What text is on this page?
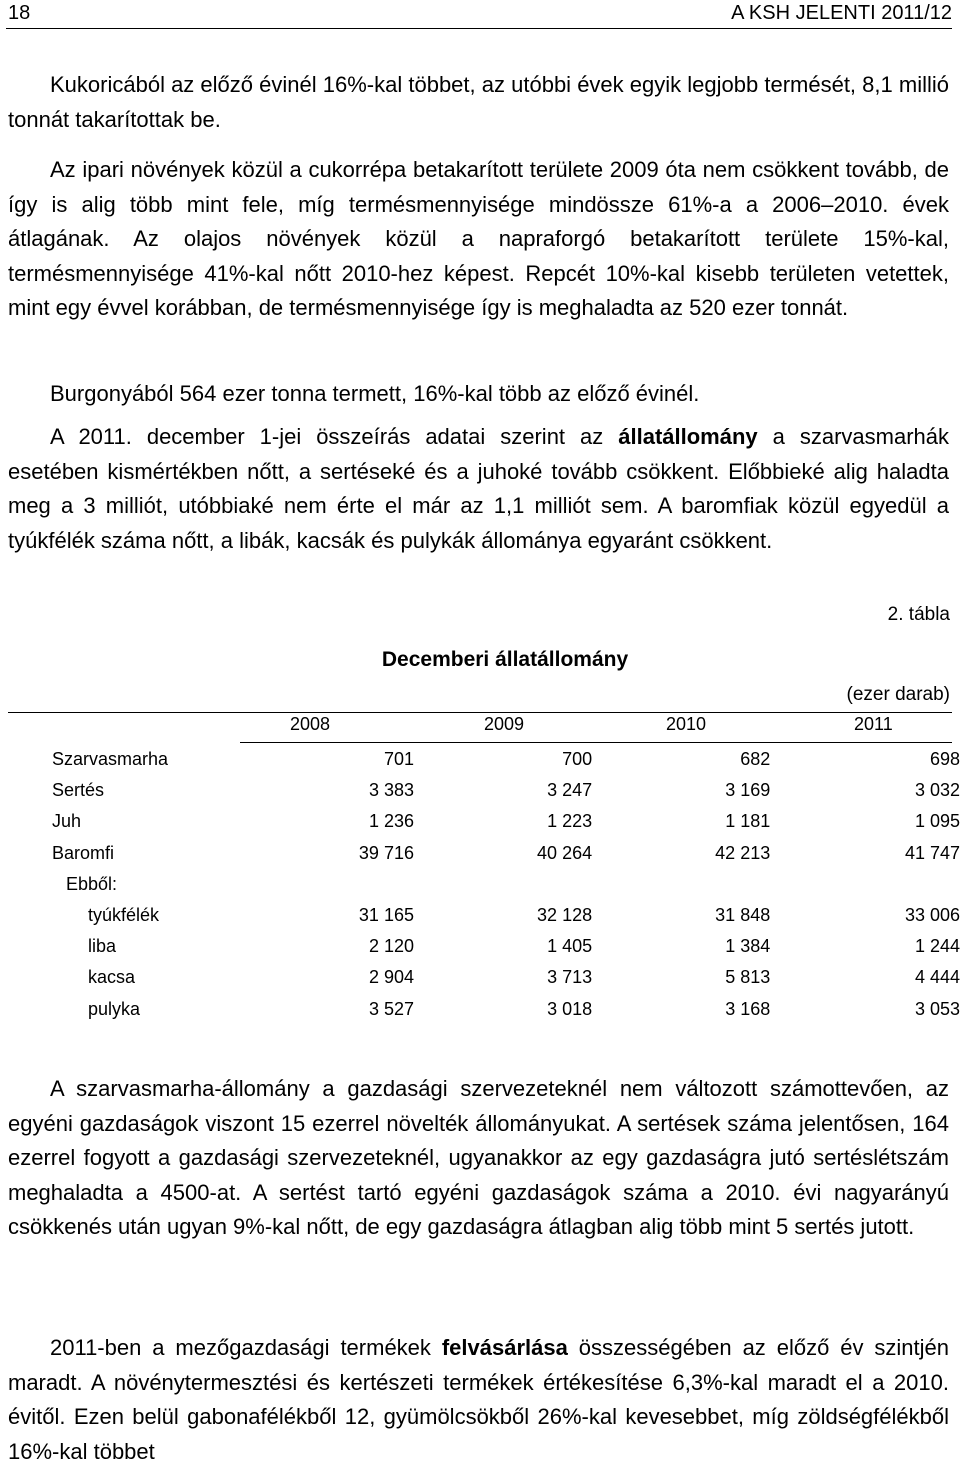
18	A KSH JELENTI 2011/12

Kukoricából az előző évinél 16%-kal többet, az utóbbi évek egyik legjobb termését, 8,1 millió tonnát takarítottak be.

Az ipari növények közül a cukorrépa betakarított területe 2009 óta nem csökkent tovább, de így is alig több mint fele, míg termésmennyisége mindössze 61%-a a 2006–2010. évek átlagának. Az olajos növények közül a napraforgó betakarított területe 15%-kal, termésmennyisége 41%-kal nőtt 2010-hez képest. Repcét 10%-kal kisebb területen vetettek, mint egy évvel korábban, de termésmennyisége így is meghaladta az 520 ezer tonnát.

Burgonyából 564 ezer tonna termett, 16%-kal több az előző évinél.

A 2011. december 1-jei összeírás adatai szerint az állatállomány a szarvasmarhák esetében kismértékben nőtt, a sertéseké és a juhoké tovább csökkent. Előbbieké alig haladta meg a 3 milliót, utóbbiaké nem érte el már az 1,1 milliót sem. A baromfiak közül egyedül a tyúkfélék száma nőtt, a libák, kacsák és pulykák állománya egyaránt csökkent.

2. tábla
Decemberi állatállomány
(ezer darab)
2008	2009	2010	2011
Szarvasmarha	701	700	682	698
Sertés	3 383	3 247	3 169	3 032
Juh	1 236	1 223	1 181	1 095
Baromfi	39 716	40 264	42 213	41 747
Ebből:				
tyúkfélék	31 165	32 128	31 848	33 006
liba	2 120	1 405	1 384	1 244
kacsa	2 904	3 713	5 813	4 444
pulyka	3 527	3 018	3 168	3 053

A szarvasmarha-állomány a gazdasági szervezeteknél nem változott számottevően, az egyéni gazdaságok viszont 15 ezerrel növelték állományukat. A sertések száma jelentősen, 164 ezerrel fogyott a gazdasági szervezeteknél, ugyanakkor az egy gazdaságra jutó sertéslétszám meghaladta a 4500-at. A sertést tartó egyéni gazdaságok száma a 2010. évi nagyarányú csökkenés után ugyan 9%-kal nőtt, de egy gazdaságra átlagban alig több mint 5 sertés jutott.

2011-ben a mezőgazdasági termékek felvásárlása összességében az előző év szintjén maradt. A növénytermesztési és kertészeti termékek értékesítése 6,3%-kal maradt el a 2010. évitől. Ezen belül gabonafélékből 12, gyümölcsökből 26%-kal kevesebbet, míg zöldségfélékből 16%-kal többet
